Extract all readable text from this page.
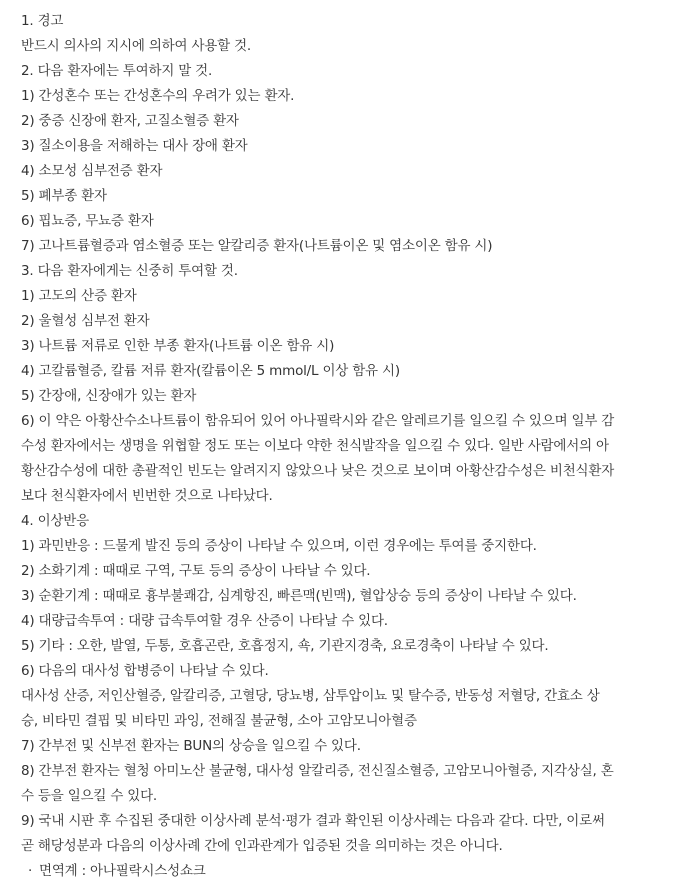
1. 경고
반드시 의사의 지시에 의하여 사용할 것.
2. 다음 환자에는 투여하지 말 것.
1) 간성혼수 또는 간성혼수의 우려가 있는 환자.
2) 중증 신장애 환자, 고질소혈증 환자
3) 질소이용을 저해하는 대사 장애 환자
4) 소모성 심부전증 환자
5) 폐부종 환자
6) 핍뇨증, 무뇨증 환자
7) 고나트륨혈증과 염소혈증 또는 알칼리증 환자(나트륨이온 및 염소이온 함유 시)
3. 다음 환자에게는 신중히 투여할 것.
1) 고도의 산증 환자
2) 울혈성 심부전 환자
3) 나트륨 저류로 인한 부종 환자(나트륨 이온 함유 시)
4) 고칼륨혈증, 칼륨 저류 환자(칼륨이온 5 mmol/L 이상 함유 시)
5) 간장애, 신장애가 있는 환자
6) 이 약은 아황산수소나트륨이 함유되어 있어 아나필락시와 같은 알레르기를 일으킬 수 있으며 일부 감
수성 환자에서는 생명을 위협할 정도 또는 이보다 약한 천식발작을 일으킬 수 있다. 일반 사람에서의 아
황산감수성에 대한 총괄적인 빈도는 알려지지 않았으나 낮은 것으로 보이며 아황산감수성은 비천식환자
보다 천식환자에서 빈번한 것으로 나타났다.
4. 이상반응
1) 과민반응 : 드물게 발진 등의 증상이 나타날 수 있으며, 이런 경우에는 투여를 중지한다.
2) 소화기계 : 때때로 구역, 구토 등의 증상이 나타날 수 있다.
3) 순환기계 : 때때로 흉부불쾌감, 심계항진, 빠른맥(빈맥), 혈압상승 등의 증상이 나타날 수 있다.
4) 대량급속투여 : 대량 급속투여할 경우 산증이 나타날 수 있다.
5) 기타 : 오한, 발열, 두통, 호흡곤란, 호흡정지, 쇽, 기관지경축, 요로경축이 나타날 수 있다.
6) 다음의 대사성 합병증이 나타날 수 있다.
대사성 산증, 저인산혈증, 알칼리증, 고혈당, 당뇨병, 삼투압이뇨 및 탈수증, 반동성 저혈당, 간효소 상
승, 비타민 결핍 및 비타민 과잉, 전해질 불균형, 소아 고암모니아혈증
7) 간부전 및 신부전 환자는 BUN의 상승을 일으킬 수 있다.
8) 간부전 환자는 혈청 아미노산 불균형, 대사성 알칼리증, 전신질소혈증, 고암모니아혈증, 지각상실, 혼
수 등을 일으킬 수 있다.
9) 국내 시판 후 수집된 중대한 이상사례 분석·평가 결과 확인된 이상사례는 다음과 같다. 다만, 이로써
곧 해당성분과 다음의 이상사례 간에 인과관계가 입증된 것을 의미하는 것은 아니다.
· 면역계 : 아나필락시스성쇼크
